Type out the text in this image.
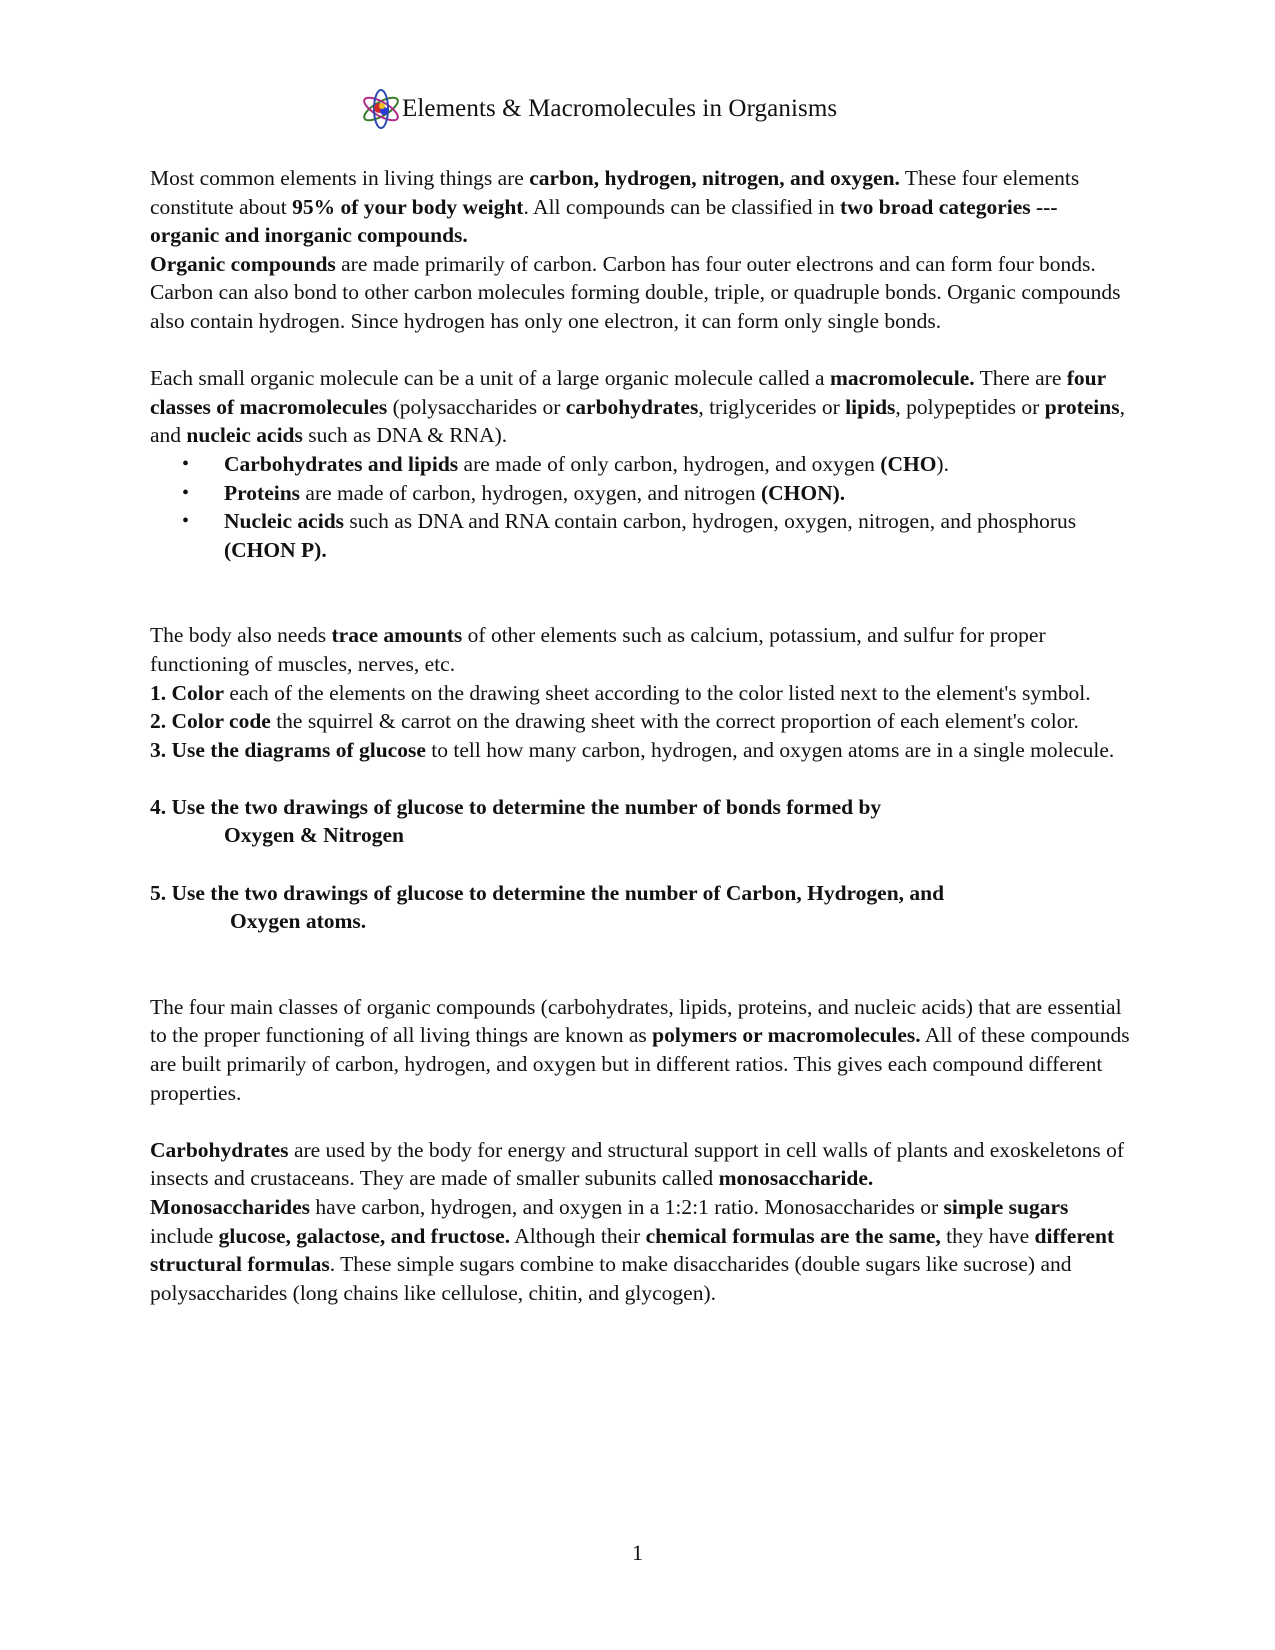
Elements & Macromolecules in Organisms

Most common elements in living things are carbon, hydrogen, nitrogen, and oxygen. These four elements constitute about 95% of your body weight. All compounds can be classified in two broad categories --- organic and inorganic compounds.

Organic compounds are made primarily of carbon. Carbon has four outer electrons and can form four bonds. Carbon can also bond to other carbon molecules forming double, triple, or quadruple bonds. Organic compounds also contain hydrogen. Since hydrogen has only one electron, it can form only single bonds.

Each small organic molecule can be a unit of a large organic molecule called a macromolecule. There are four classes of macromolecules (polysaccharides or carbohydrates, triglycerides or lipids, polypeptides or proteins, and nucleic acids such as DNA & RNA).

• Carbohydrates and lipids are made of only carbon, hydrogen, and oxygen (CHO).
• Proteins are made of carbon, hydrogen, oxygen, and nitrogen (CHON).
• Nucleic acids such as DNA and RNA contain carbon, hydrogen, oxygen, nitrogen, and phosphorus (CHON P).

The body also needs trace amounts of other elements such as calcium, potassium, and sulfur for proper functioning of muscles, nerves, etc.

1. Color each of the elements on the drawing sheet according to the color listed next to the element's symbol.

2. Color code the squirrel & carrot on the drawing sheet with the correct proportion of each element's color.

3. Use the diagrams of glucose to tell how many carbon, hydrogen, and oxygen atoms are in a single molecule.

4. Use the two drawings of glucose to determine the number of bonds formed by
Oxygen & Nitrogen

5. Use the two drawings of glucose to determine the number of Carbon, Hydrogen, and
Oxygen atoms.

The four main classes of organic compounds (carbohydrates, lipids, proteins, and nucleic acids) that are essential to the proper functioning of all living things are known as polymers or macromolecules. All of these compounds are built primarily of carbon, hydrogen, and oxygen but in different ratios. This gives each compound different properties.

Carbohydrates are used by the body for energy and structural support in cell walls of plants and exoskeletons of insects and crustaceans. They are made of smaller subunits called monosaccharide.

Monosaccharides have carbon, hydrogen, and oxygen in a 1:2:1 ratio. Monosaccharides or simple sugars include glucose, galactose, and fructose. Although their chemical formulas are the same, they have different structural formulas. These simple sugars combine to make disaccharides (double sugars like sucrose) and polysaccharides (long chains like cellulose, chitin, and glycogen).

1
